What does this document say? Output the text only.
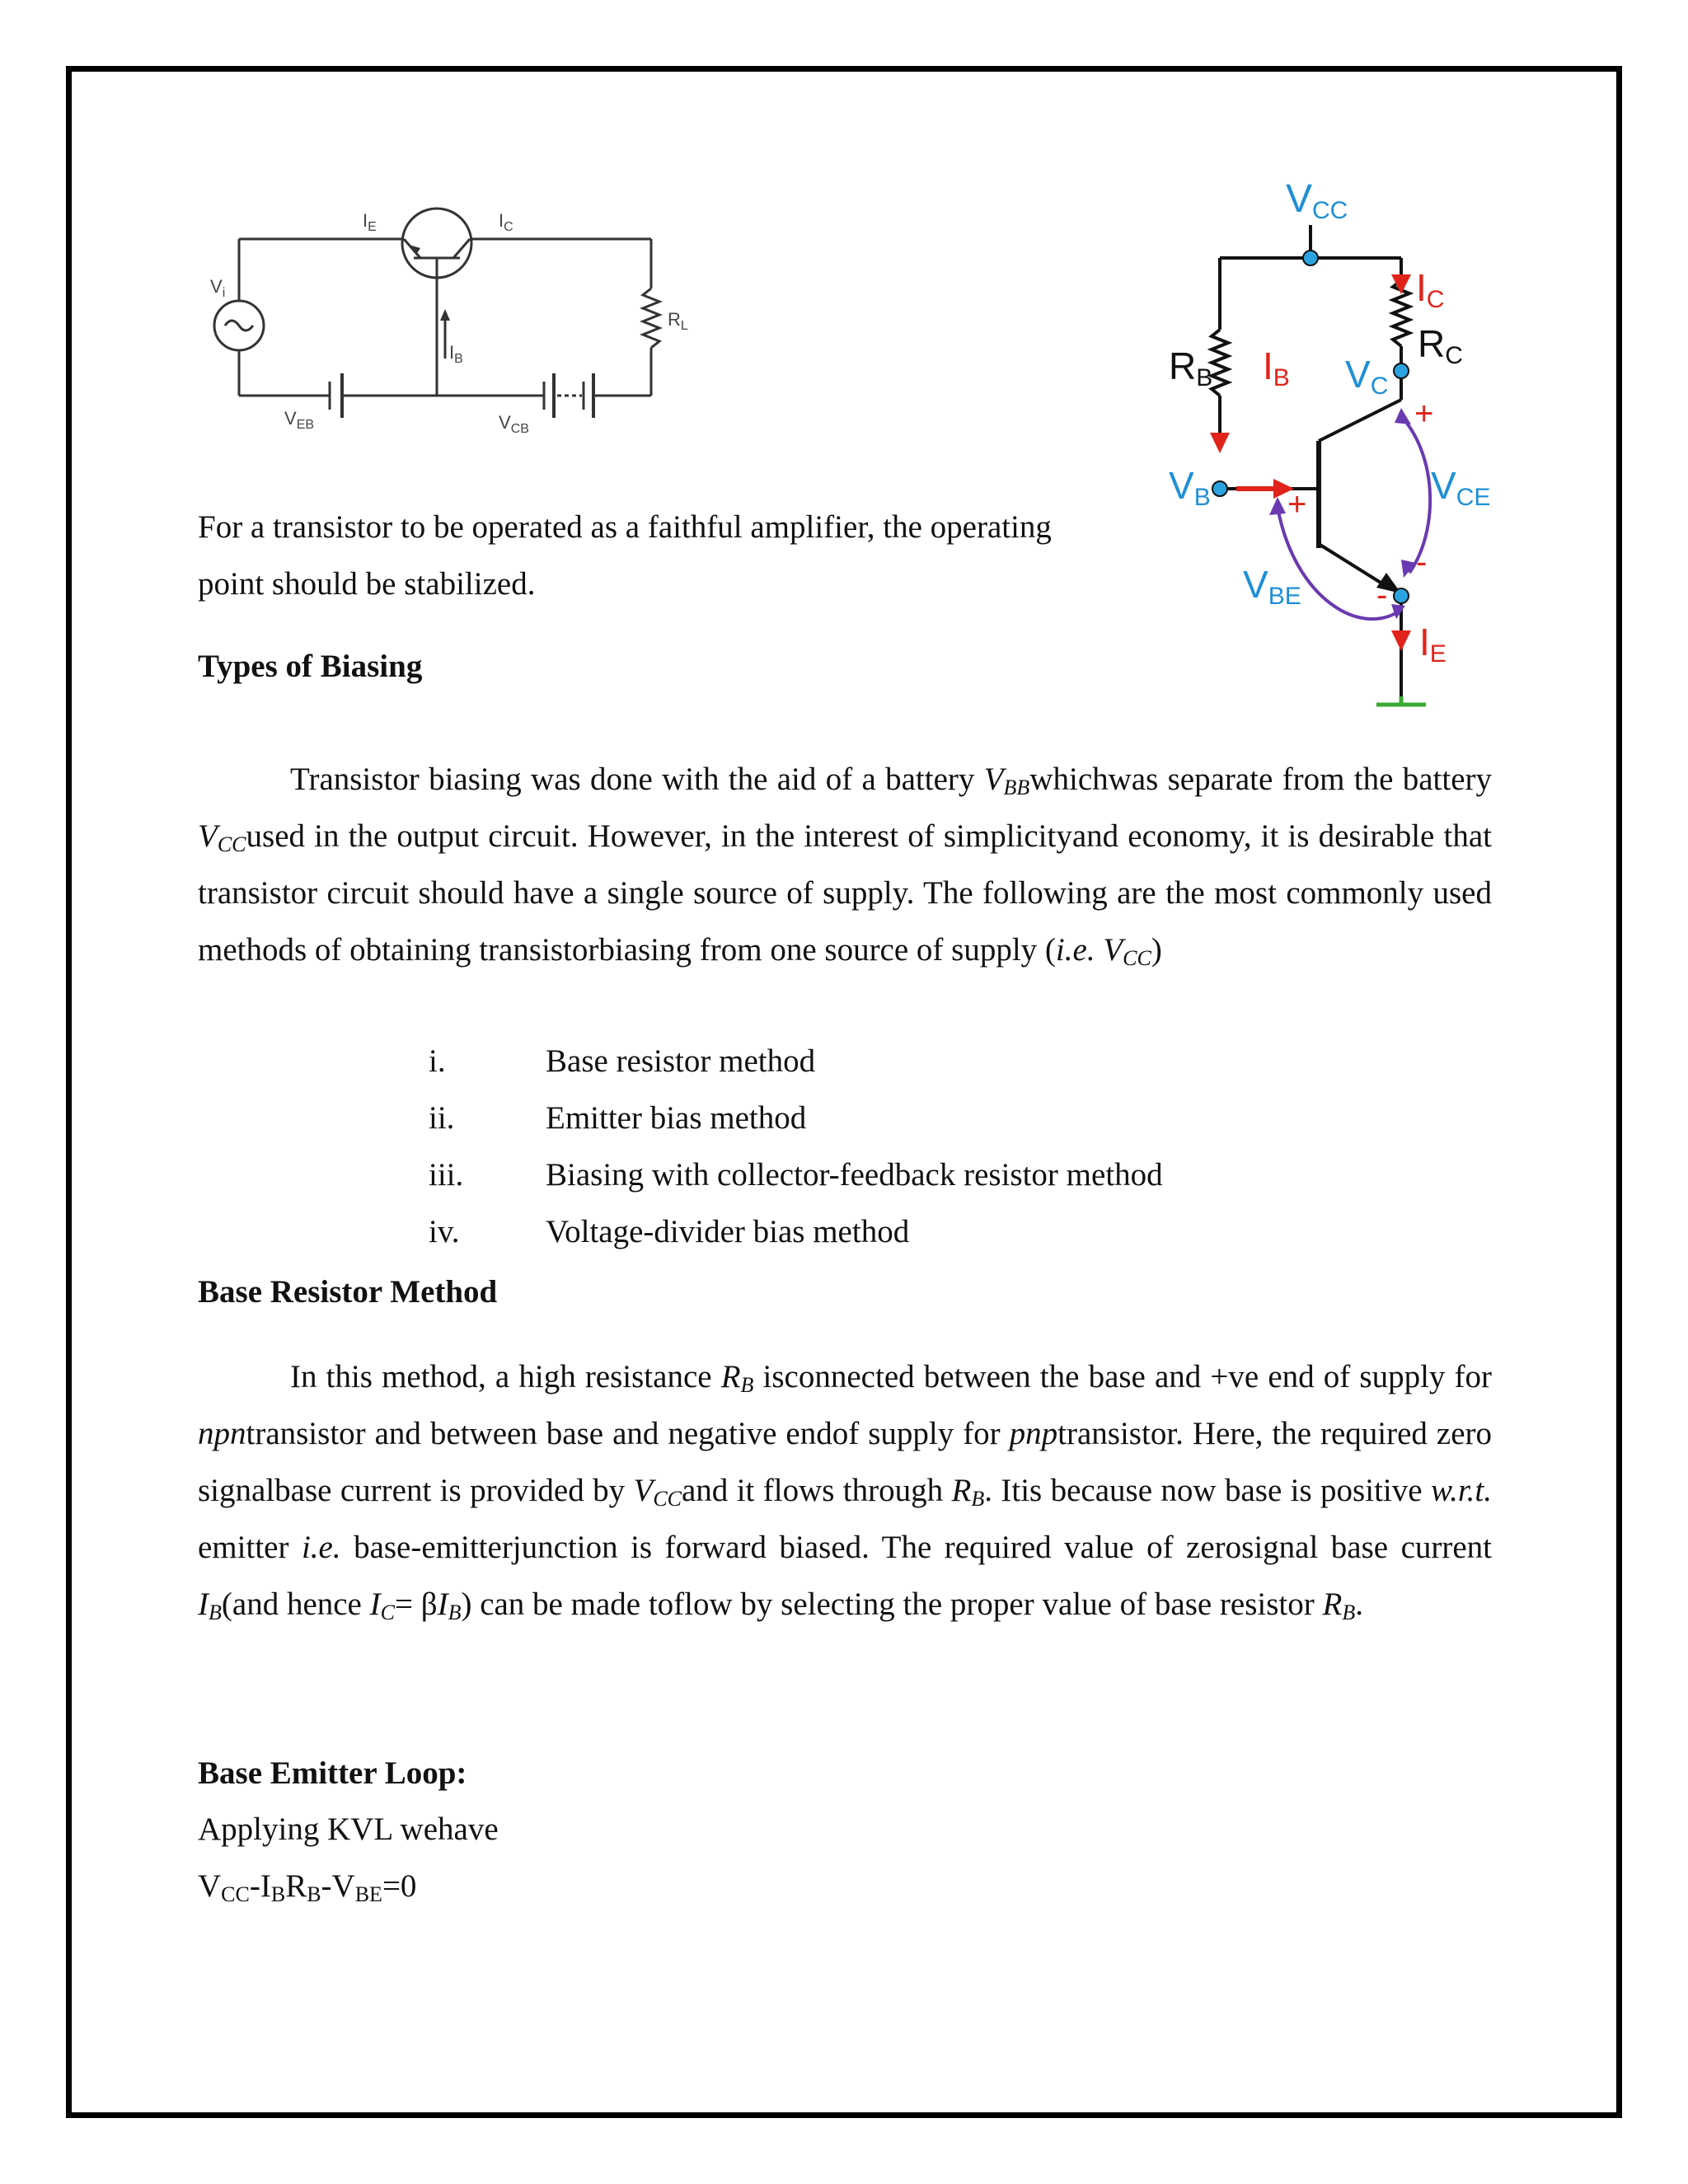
$I_E$	$I_C$
$V_i$
$I_B$
$R_L$
$V_{EB}$	$V_{CB}$
VCC
IC
RC
RB IB VC
+
VB +	VCE
-
VBE -
IE
For a transistor to be operated as a faithful amplifier, the operating
point should be stabilized.
Types of Biasing
Transistor biasing was done with the aid of a battery $V_{BB}whichwas$ separate from the battery $V_{CC}used$ in the output circuit. However, in the interest of simplicityand economy, it is desirable that transistor circuit should have a single source of supply. The following are the most commonly used methods of obtaining transistorbiasing from one source of supply (i.e. $V_{CC}$)
i.	Base resistor method
ii.	Emitter bias method
iii.	Biasing with collector-feedback resistor method
iv.	Voltage-divider bias method
Base Resistor Method
In this method, a high resistance $R_B$ isconnected between the base and +ve end of supply for npntransistor and between base and negative endof supply for pnptransistor. Here, the required zero signalbase current is provided by $V_{CC}and$ it flows through $R_B$. Itis because now base is positive w.r.t. emitter i.e. base-emitterjunction is forward biased. The required value of zerosignal base current $I_B(and$ hence $I_C= \beta I_B$) can be made toflow by selecting the proper value of base resistor $R_B$.
Base Emitter Loop:
Applying KVL wehave
$V_{CC}-I_BR_B-V_{BE}=0$
